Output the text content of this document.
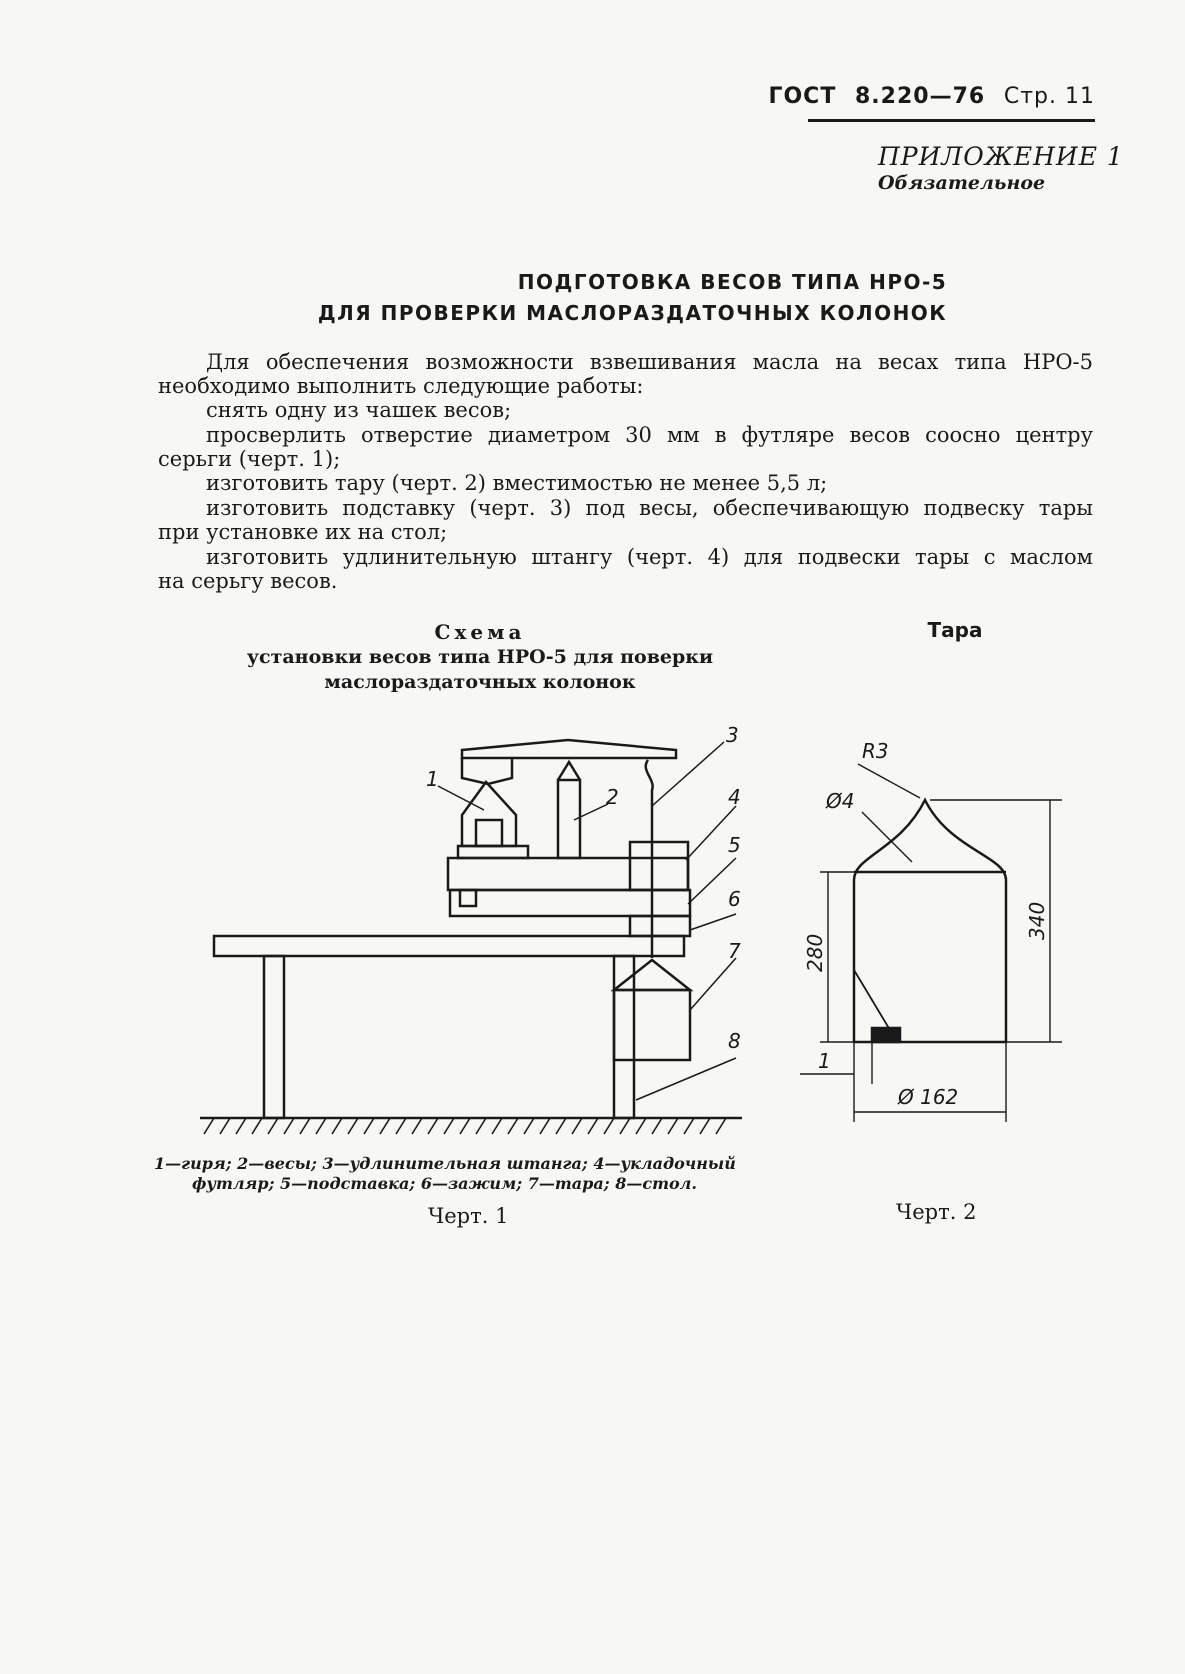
ГОСТ 8.220—76 Стр. 11
ПРИЛОЖЕНИЕ 1
Обязательное
ПОДГОТОВКА ВЕСОВ ТИПА НРО-5
ДЛЯ ПРОВЕРКИ МАСЛОРАЗДАТОЧНЫХ КОЛОНОК
Для обеспечения возможности взвешивания масла на весах типа НРО-5
необходимо выполнить следующие работы:
снять одну из чашек весов;
просверлить отверстие диаметром 30 мм в футляре весов соосно центру
серьги (черт. 1);
изготовить тару (черт. 2) вместимостью не менее 5,5 л;
изготовить подставку (черт. 3) под весы, обеспечивающую подвеску тары
при установке их на стол;
изготовить удлинительную штангу (черт. 4) для подвески тары с маслом
на серьгу весов.
Схема
установки весов типа НРО-5 для поверки
маслораздаточных колонок
Тара
1
2
3
4
5
6
7
8
1—гиря; 2—весы; 3—удлинительная штанга; 4—укладочный
футляр; 5—подставка; 6—зажим; 7—тара; 8—стол.
Черт. 1
R3
Ø4
280
340
1
Ø 162
Черт. 2
